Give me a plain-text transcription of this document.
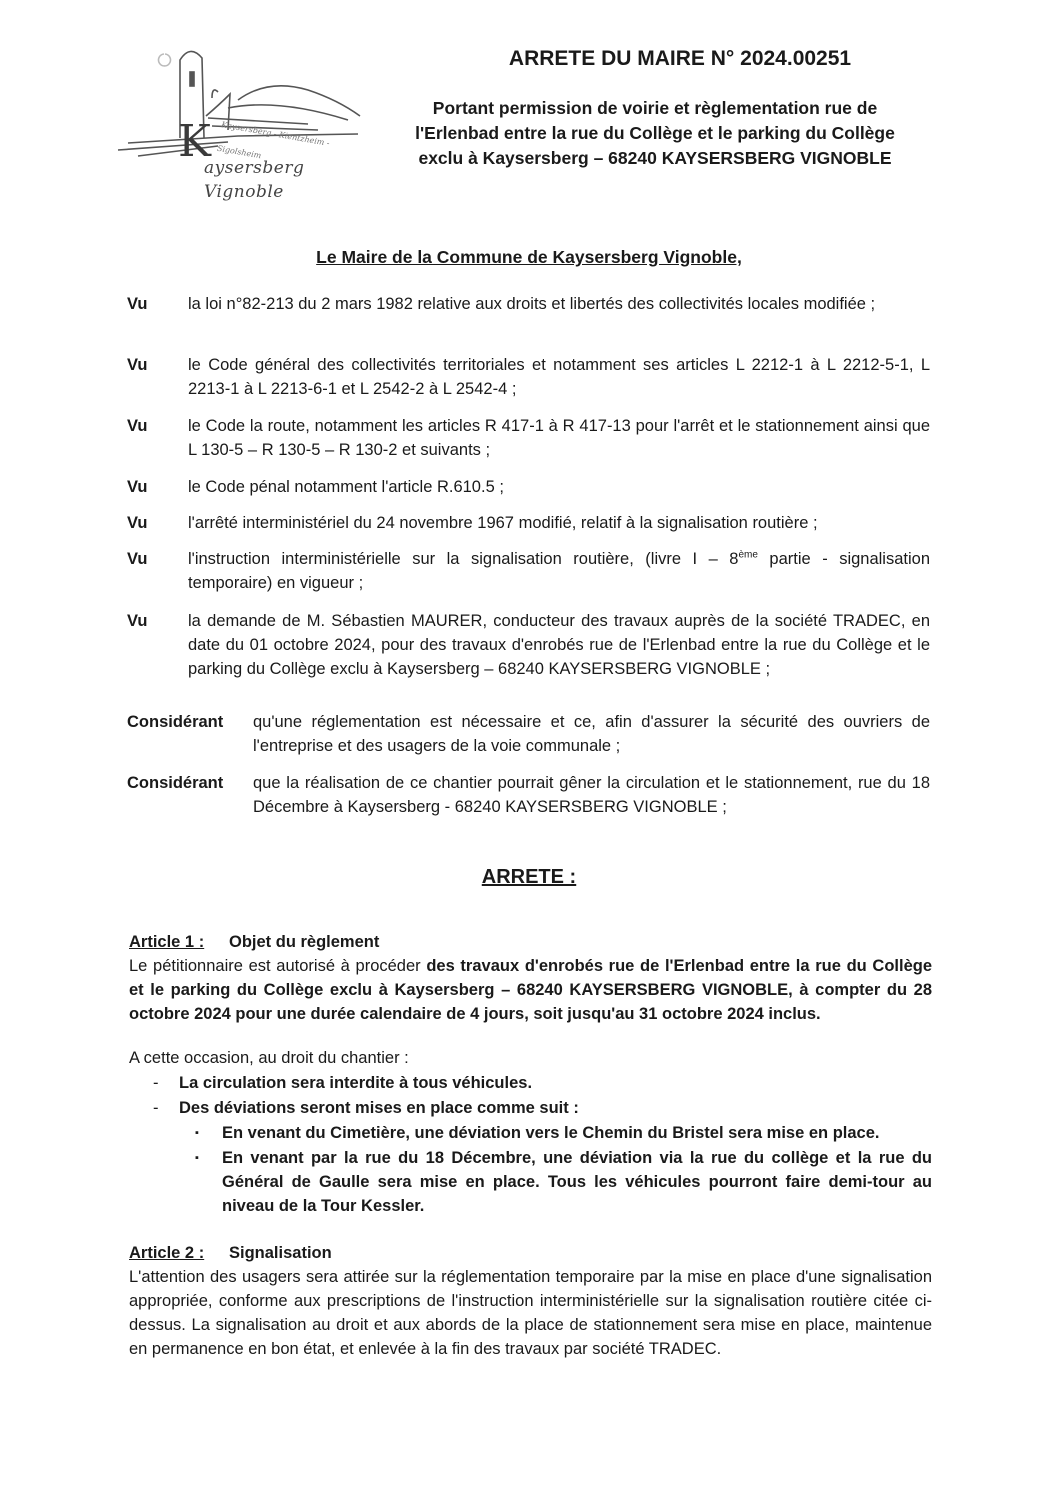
Kaysersberg - Kientzheim - Sigolsheim
K
aysersberg Vignoble
ARRETE DU MAIRE N° 2024.00251
Portant permission de voirie et règlementation rue de
l'Erlenbad entre la rue du Collège et le parking du Collège
exclu à Kaysersberg – 68240 KAYSERSBERG VIGNOBLE
Le Maire de la Commune de Kaysersberg Vignoble,
Vu la loi n°82-213 du 2 mars 1982 relative aux droits et libertés des collectivités locales modifiée ;
Vu le Code général des collectivités territoriales et notamment ses articles L 2212-1 à L 2212-5-1, L 2213-1 à L 2213-6-1 et L 2542-2 à L 2542-4 ;
Vu le Code la route, notamment les articles R 417-1 à R 417-13 pour l'arrêt et le stationnement ainsi que L 130-5 – R 130-5 – R 130-2 et suivants ;
Vu le Code pénal notamment l'article R.610.5 ;
Vu l'arrêté interministériel du 24 novembre 1967 modifié, relatif à la signalisation routière ;
Vu l'instruction interministérielle sur la signalisation routière, (livre I – 8ème partie - signalisation temporaire) en vigueur ;
Vu la demande de M. Sébastien MAURER, conducteur des travaux auprès de la société TRADEC, en date du 01 octobre 2024, pour des travaux d'enrobés rue de l'Erlenbad entre la rue du Collège et le parking du Collège exclu à Kaysersberg – 68240 KAYSERSBERG VIGNOBLE ;
Considérant qu'une réglementation est nécessaire et ce, afin d'assurer la sécurité des ouvriers de l'entreprise et des usagers de la voie communale ;
Considérant que la réalisation de ce chantier pourrait gêner la circulation et le stationnement, rue du 18 Décembre à Kaysersberg - 68240 KAYSERSBERG VIGNOBLE ;
ARRETE :
Article 1 : Objet du règlement
Le pétitionnaire est autorisé à procéder des travaux d'enrobés rue de l'Erlenbad entre la rue du Collège et le parking du Collège exclu à Kaysersberg – 68240 KAYSERSBERG VIGNOBLE, à compter du 28 octobre 2024 pour une durée calendaire de 4 jours, soit jusqu'au 31 octobre 2024 inclus.
A cette occasion, au droit du chantier :
- La circulation sera interdite à tous véhicules.
- Des déviations seront mises en place comme suit :
▪ En venant du Cimetière, une déviation vers le Chemin du Bristel sera mise en place.
▪ En venant par la rue du 18 Décembre, une déviation via la rue du collège et la rue du Général de Gaulle sera mise en place. Tous les véhicules pourront faire demi-tour au niveau de la Tour Kessler.
Article 2 : Signalisation
L'attention des usagers sera attirée sur la réglementation temporaire par la mise en place d'une signalisation appropriée, conforme aux prescriptions de l'instruction interministérielle sur la signalisation routière citée ci-dessus. La signalisation au droit et aux abords de la place de stationnement sera mise en place, maintenue en permanence en bon état, et enlevée à la fin des travaux par société TRADEC.
